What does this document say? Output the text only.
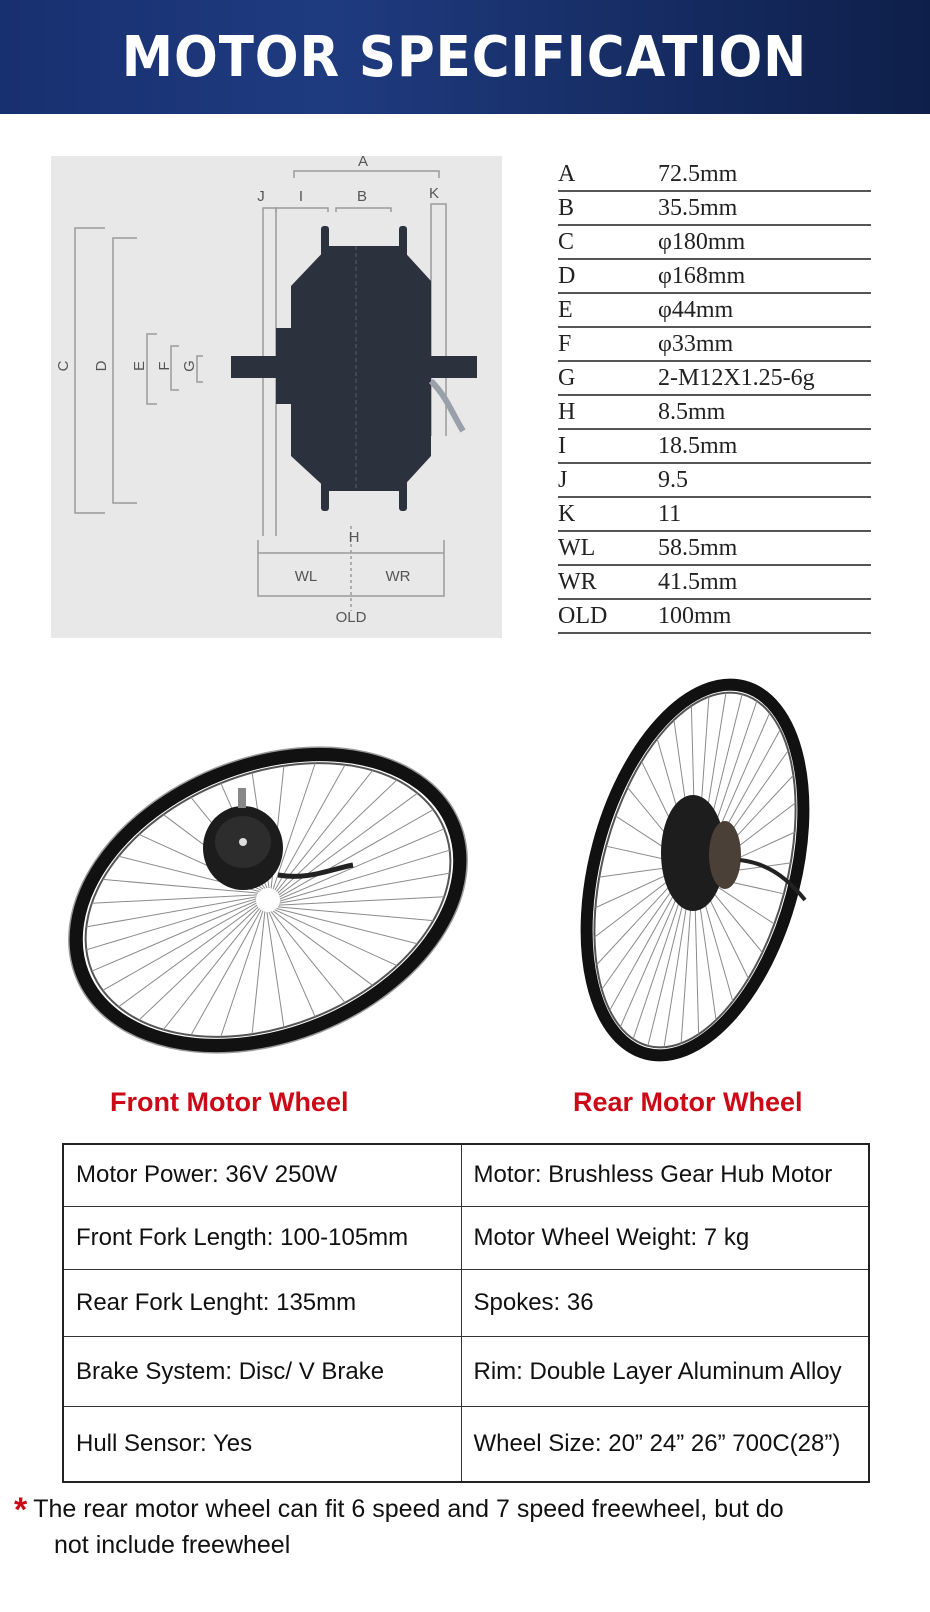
MOTOR SPECIFICATION
A
J I	B	K
C D E F G
H
WL	WR
OLD
A	72.5mm
B	35.5mm
C	φ180mm
D	φ168mm
E	φ44mm
F	φ33mm
G	2-M12X1.25-6g
H	8.5mm
I	18.5mm
J	9.5
K	11
WL	58.5mm
WR	41.5mm
OLD	100mm
Front Motor Wheel	Rear Motor Wheel
Motor Power: 36V 250W	Motor: Brushless Gear Hub Motor
Front Fork Length: 100-105mm	Motor Wheel Weight: 7 kg
Rear Fork Lenght: 135mm	Spokes: 36
Brake System: Disc/ V Brake	Rim: Double Layer Aluminum Alloy
Hull Sensor: Yes	Wheel Size: 20” 24” 26” 700C(28”)
* The rear motor wheel can fit 6 speed and 7 speed freewheel, but do
not include freewheel
